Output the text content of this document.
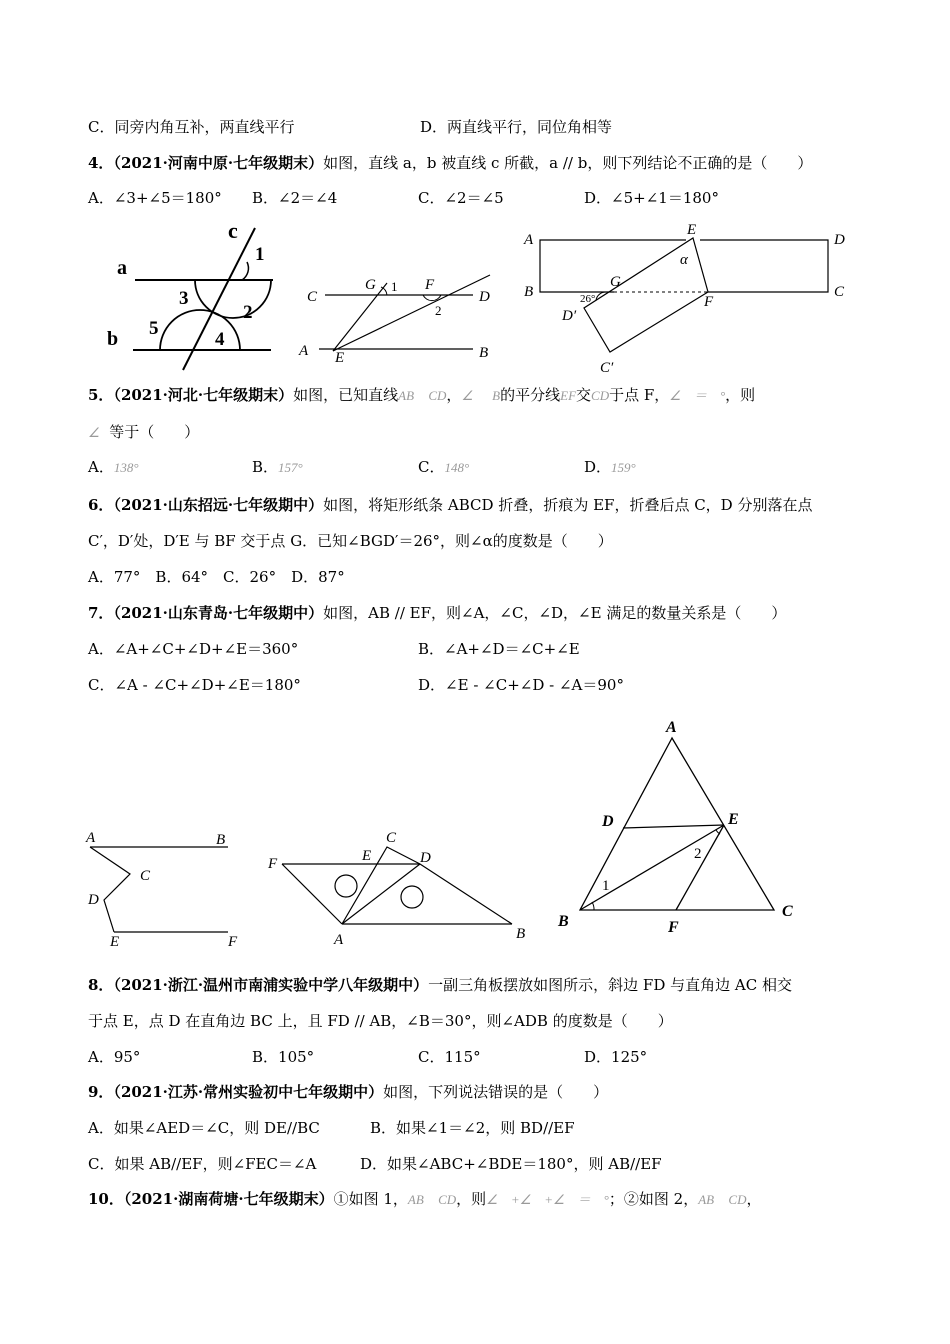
C．同旁内角互补，两直线平行	D．两直线平行，同位角相等
4．（2021·河南中原·七年级期末）如图，直线 a，b 被直线 c 所截，a // b，则下列结论不正确的是（　　）
A．∠3+∠5＝180° B．∠2＝∠4	C．∠2＝∠5	D．∠5+∠1＝180°
a
b
c
1
2
3
4
5
C	D
A	B
G	F
E
1
2
A
B	C
D
E
F
G
D′
C′
α
26°
5．（2021·河北·七年级期末）如图，已知直线AB CD，∠ B的平分线EF交CD于点 F，∠　＝　°，则
∠ 等于（　　）
A．138°	B．157°	C．148°	D．159°
6．（2021·山东招远·七年级期中）如图，将矩形纸条 ABCD 折叠，折痕为 EF，折叠后点 C，D 分别落在点
C′，D′处，D′E 与 BF 交于点 G．已知∠BGD′＝26°，则∠α的度数是（　　）
A．77°　B．64°　C．26°　D．87°
7．（2021·山东青岛·七年级期中）如图，AB // EF，则∠A，∠C，∠D，∠E 满足的数量关系是（　　）
A．∠A+∠C+∠D+∠E＝360°	B．∠A+∠D＝∠C+∠E
C．∠A - ∠C+∠D+∠E＝180°	D．∠E - ∠C+∠D - ∠A＝90°
A	B
C
D
E	F
F	E	D
C
A	B
A
B
C
D	E
F
1
2
8．（2021·浙江·温州市南浦实验中学八年级期中）一副三角板摆放如图所示，斜边 FD 与直角边 AC 相交
于点 E，点 D 在直角边 BC 上，且 FD // AB，∠B＝30°，则∠ADB 的度数是（　　）
A．95°	B．105°	C．115°	D．125°
9．（2021·江苏·常州实验初中七年级期中）如图，下列说法错误的是（　　）
A．如果∠AED＝∠C，则 DE//BC	B．如果∠1＝∠2，则 BD//EF
C．如果 AB//EF，则∠FEC＝∠A	D．如果∠ABC+∠BDE＝180°，则 AB//EF
10．（2021·湖南荷塘·七年级期末）①如图 1，AB CD，则∠　+∠　+∠　＝　°；②如图 2，AB CD，
